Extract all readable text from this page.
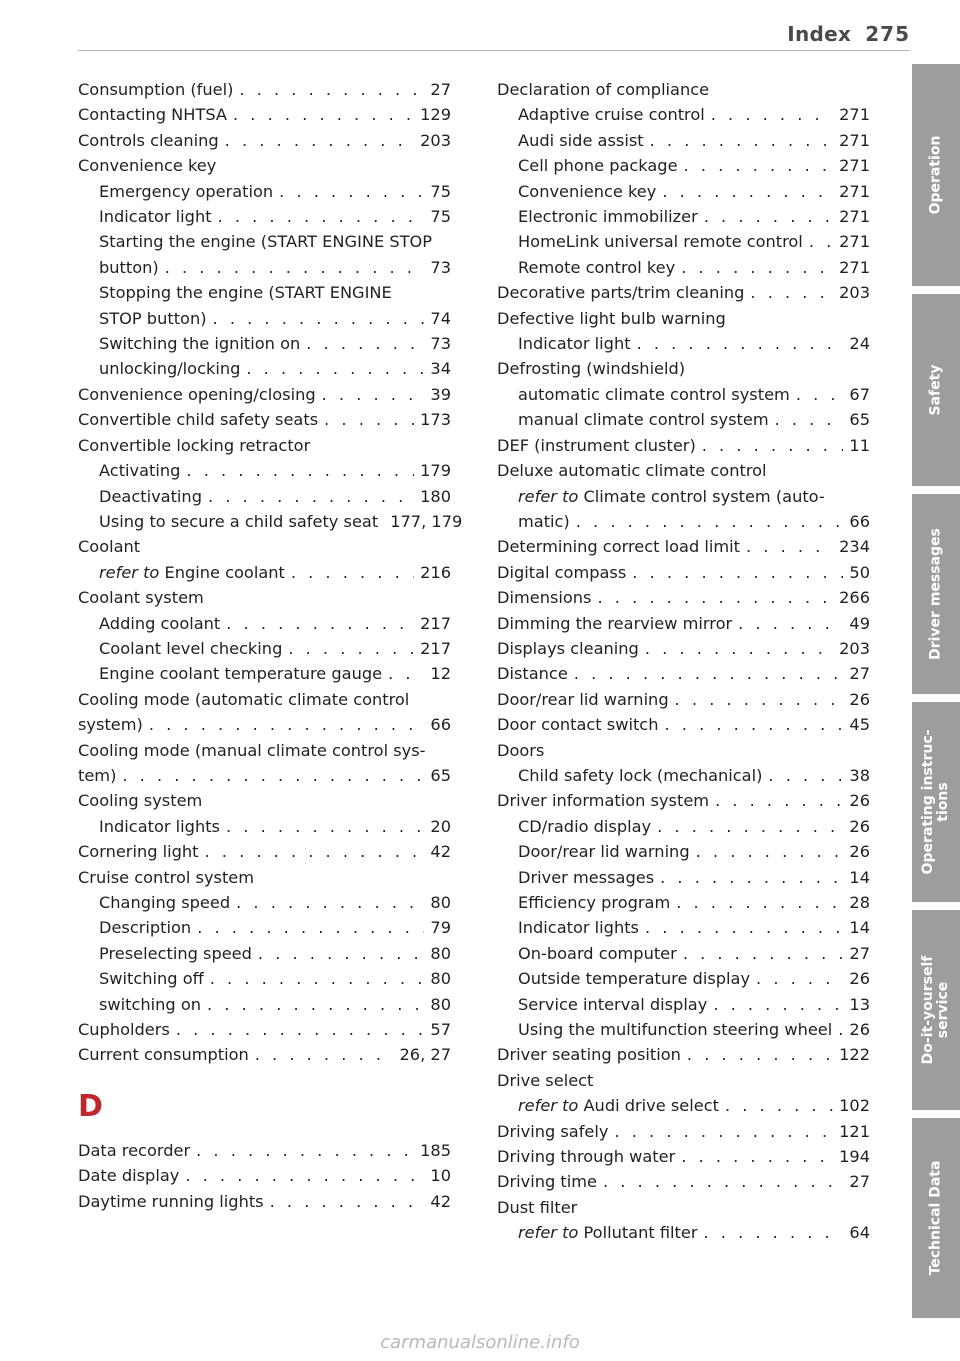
Index 275
Consumption (fuel) . . .	27
Contacting NHTSA . . .	129
Controls cleaning . . .	203
Convenience key
Emergency operation . . .	75
Indicator light . . .	75
Starting the engine (START ENGINE STOP
button) . . .	73
Stopping the engine (START ENGINE
STOP button) . . .	74
Switching the ignition on . . .	73
unlocking/locking . . .	34
Convenience opening/closing . . .	39
Convertible child safety seats . . .	173
Convertible locking retractor
Activating . . .	179
Deactivating . . .	180
Using to secure a child safety seat 177, 179
Coolant
refer to Engine coolant . . .	216
Coolant system
Adding coolant . . .	217
Coolant level checking . . .	217
Engine coolant temperature gauge . . .	12
Cooling mode (automatic climate control
system) . . .	66
Cooling mode (manual climate control sys-
tem) . . .	65
Cooling system
Indicator lights . . .	20
Cornering light . . .	42
Cruise control system
Changing speed . . .	80
Description . . .	79
Preselecting speed . . .	80
Switching off . . .	80
switching on . . .	80
Cupholders . . .	57
Current consumption . . .	26, 27
D
Data recorder . . .	185
Date display . . .	10
Daytime running lights . . .	42
Declaration of compliance
Adaptive cruise control . . .	271
Audi side assist . . .	271
Cell phone package . . .	271
Convenience key . . .	271
Electronic immobilizer . . .	271
HomeLink universal remote control . . . 271
Remote control key . . .	271
Decorative parts/trim cleaning . . .	203
Defective light bulb warning
Indicator light . . .	24
Defrosting (windshield)
automatic climate control system . . .	67
manual climate control system . . .	65
DEF (instrument cluster) . . .	11
Deluxe automatic climate control
refer to Climate control system (auto-
matic) . . .	66
Determining correct load limit . . .	234
Digital compass . . .	50
Dimensions . . .	266
Dimming the rearview mirror . . .	49
Displays cleaning . . .	203
Distance . . .	27
Door/rear lid warning . . .	26
Door contact switch . . .	45
Doors
Child safety lock (mechanical) . . .	38
Driver information system . . .	26
CD/radio display . . .	26
Door/rear lid warning . . .	26
Driver messages . . .	14
Efficiency program . . .	28
Indicator lights . . .	14
On-board computer . . .	27
Outside temperature display . . .	26
Service interval display . . .	13
Using the multifunction steering wheel . . . 26
Driver seating position . . .	122
Drive select
refer to Audi drive select . . .	102
Driving safely . . .	121
Driving through water . . .	194
Driving time . . .	27
Dust filter
refer to Pollutant filter . . .	64
Operation
Safety
Driver messages
Operating instruc-
tions
Do-it-yourself
service
Technical Data
carmanualsonline.info
